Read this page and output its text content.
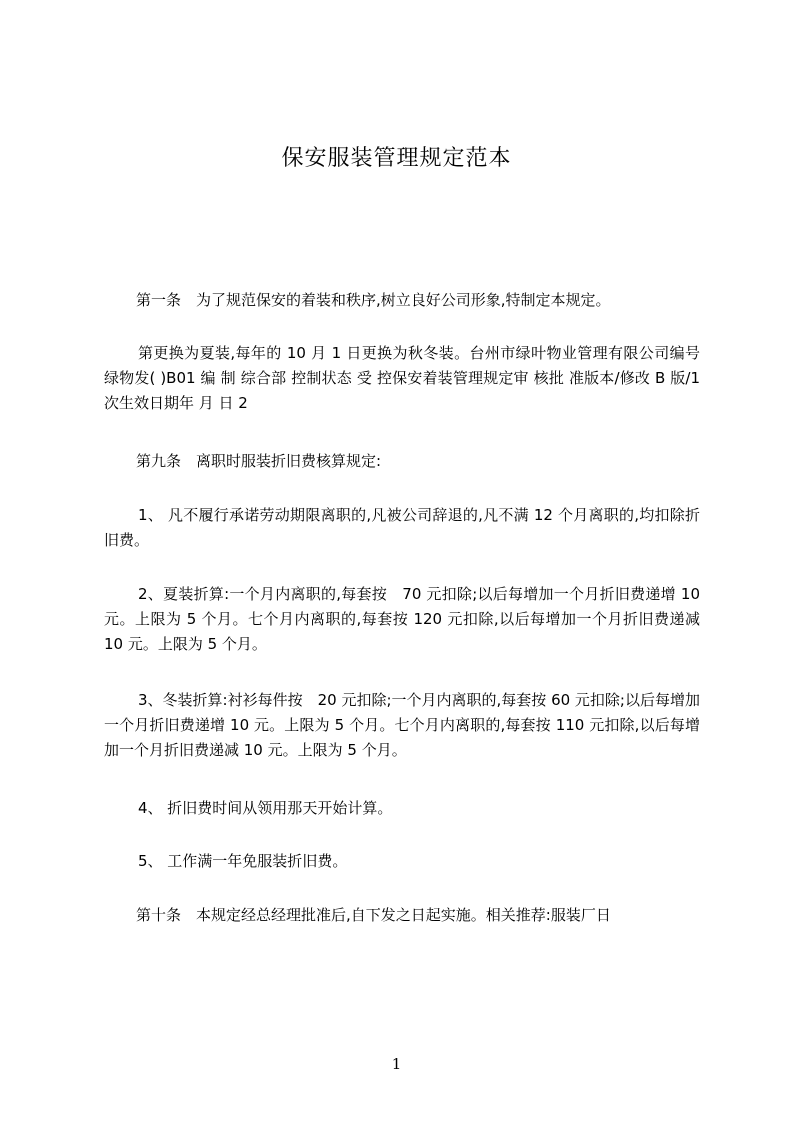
保安服装管理规定范本

第一条　为了规范保安的着装和秩序,树立良好公司形象,特制定本规定。

第更换为夏装,每年的 10 月 1 日更换为秋冬装。台州市绿叶物业管理有限公司编号 绿物发( )B01 编 制 综合部 控制状态 受 控保安着装管理规定审 核批 准版本/修改 B 版/1 次生效日期年 月 日 2

第九条　离职时服装折旧费核算规定:

1、 凡不履行承诺劳动期限离职的,凡被公司辞退的,凡不满 12 个月离职的,均扣除折旧费。

2、夏装折算:一个月内离职的,每套按　70 元扣除;以后每增加一个月折旧费递增 10 元。上限为 5 个月。七个月内离职的,每套按 120 元扣除,以后每增加一个月折旧费递减 10 元。上限为 5 个月。

3、冬装折算:衬衫每件按　20 元扣除;一个月内离职的,每套按 60 元扣除;以后每增加一个月折旧费递增 10 元。上限为 5 个月。七个月内离职的,每套按 110 元扣除,以后每增加一个月折旧费递减 10 元。上限为 5 个月。

4、 折旧费时间从领用那天开始计算。

5、 工作满一年免服装折旧费。

第十条　本规定经总经理批准后,自下发之日起实施。相关推荐:服装厂日

1
